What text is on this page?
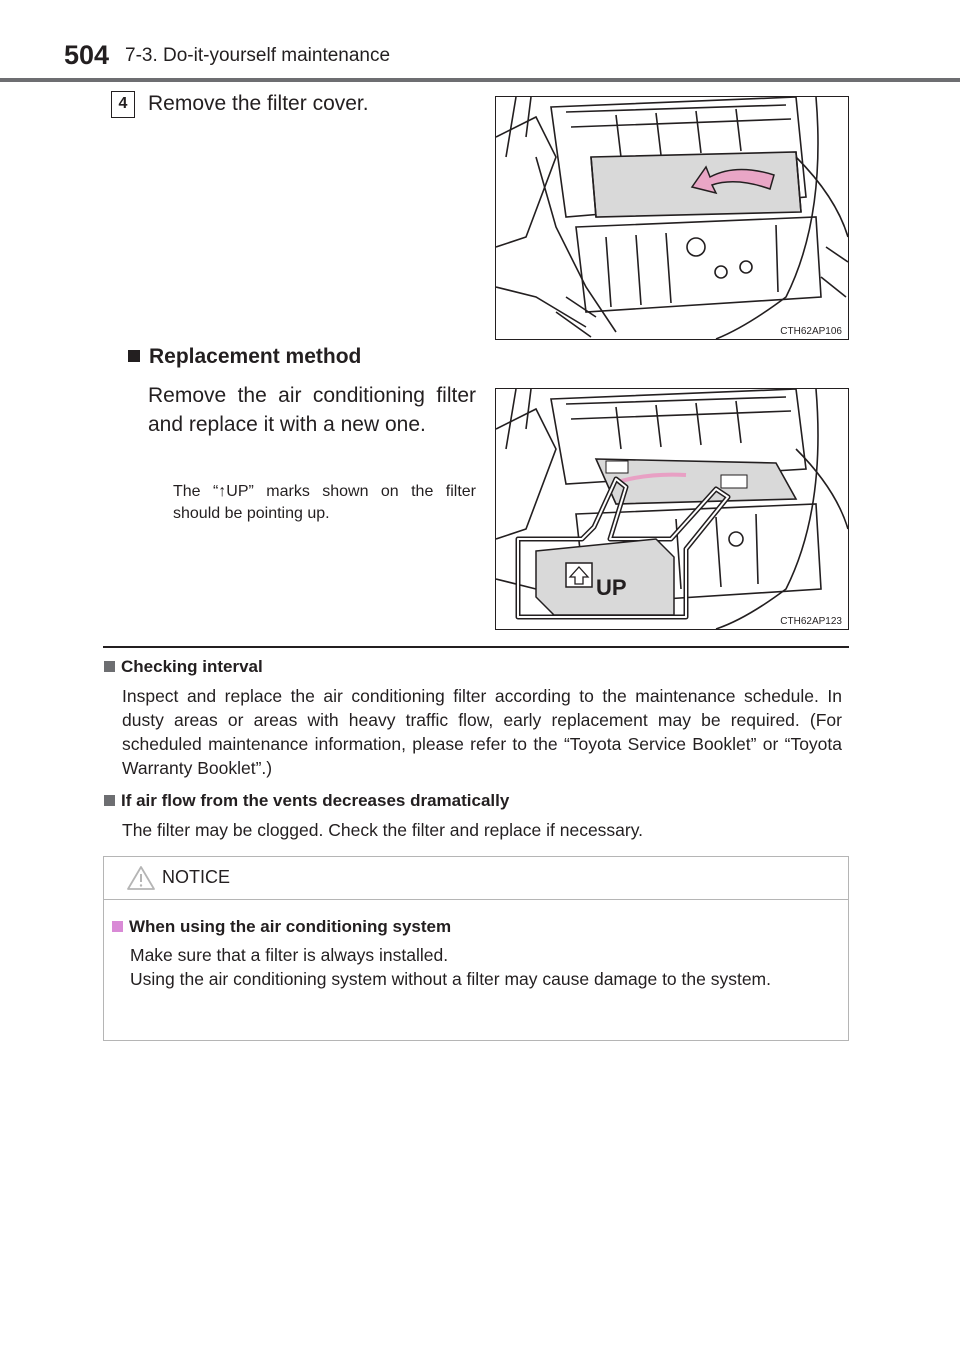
504 7-3. Do-it-yourself maintenance
4 Remove the filter cover.
CTH62AP106
Replacement method
Remove the air conditioning filter and replace it with a new one.
The “↑UP” marks shown on the filter should be pointing up.
UP
CTH62AP123
Checking interval
Inspect and replace the air conditioning filter according to the maintenance schedule. In dusty areas or areas with heavy traffic flow, early replacement may be required. (For scheduled maintenance information, please refer to the “Toyota Service Booklet” or “Toyota Warranty Booklet”.)
If air flow from the vents decreases dramatically
The filter may be clogged. Check the filter and replace if necessary.
NOTICE
When using the air conditioning system
Make sure that a filter is always installed.
Using the air conditioning system without a filter may cause damage to the system.
